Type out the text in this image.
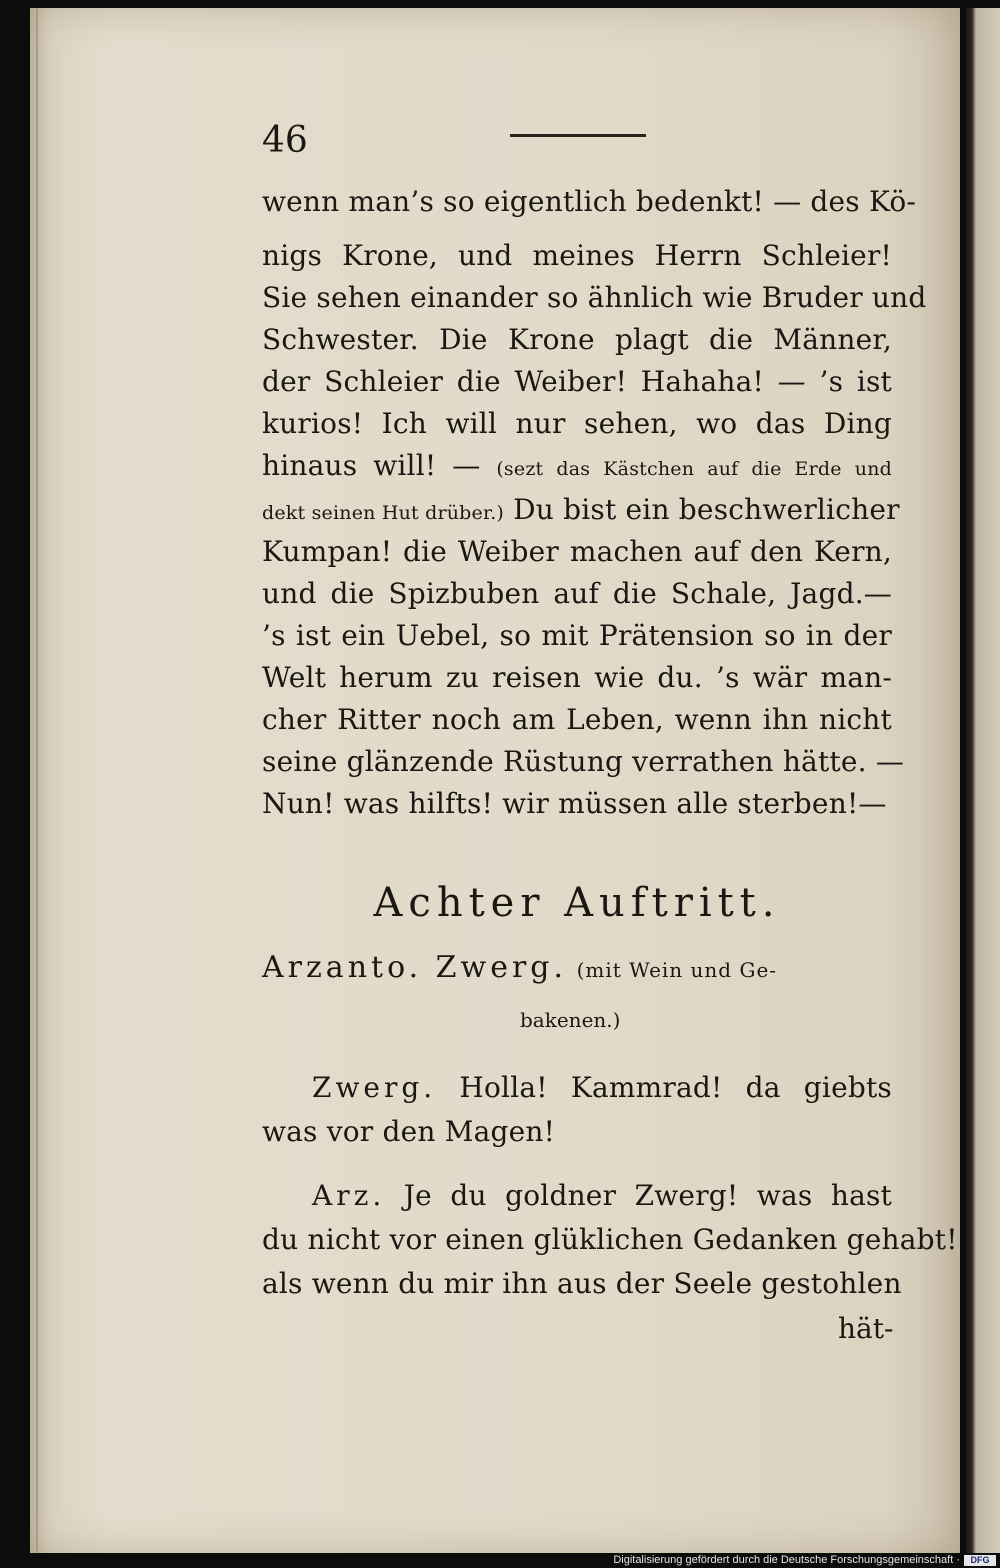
46
wenn man’s so eigentlich bedenkt! — des Kö-
nigs Krone, und meines Herrn Schleier!
Sie sehen einander so ähnlich wie Bruder und
Schwester. Die Krone plagt die Männer,
der Schleier die Weiber! Hahaha! — ’s ist
kurios! Ich will nur sehen, wo das Ding
hinaus will! — (sezt das Kästchen auf die Erde und
dekt seinen Hut drüber.) Du bist ein beschwerlicher
Kumpan! die Weiber machen auf den Kern,
und die Spizbuben auf die Schale, Jagd.—
’s ist ein Uebel, so mit Prätension so in der
Welt herum zu reisen wie du. ’s wär man-
cher Ritter noch am Leben, wenn ihn nicht
seine glänzende Rüstung verrathen hätte. —
Nun! was hilfts! wir müssen alle sterben!—
Achter Auftritt.
Arzanto. Zwerg. (mit Wein und Ge-
bakenen.)
Zwerg. Holla! Kammrad! da giebts
was vor den Magen!
Arz. Je du goldner Zwerg! was hast
du nicht vor einen glüklichen Gedanken gehabt!
als wenn du mir ihn aus der Seele gestohlen
hät-
Digitalisierung gefördert durch die Deutsche Forschungsgemeinschaft ·	DFG
